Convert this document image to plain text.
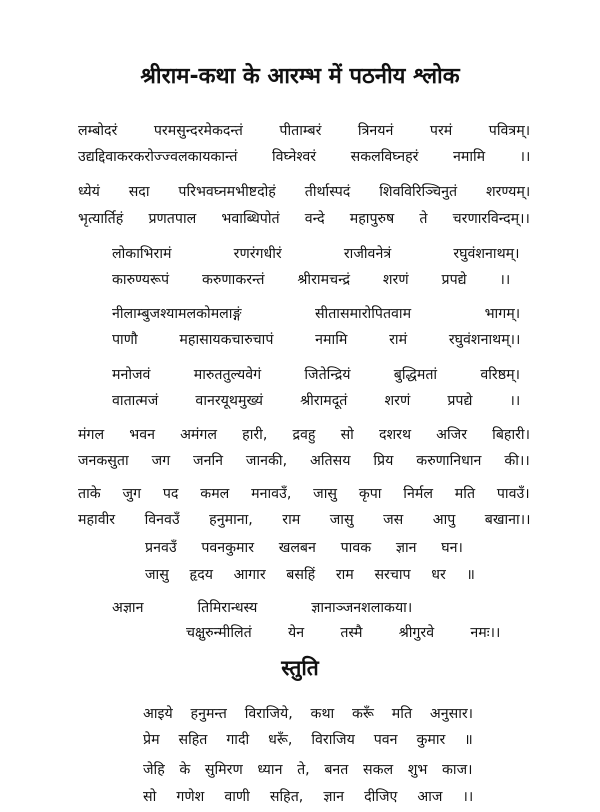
श्रीराम-कथा के आरम्भ में पठनीय श्लोक
लम्बोदरं परमसुन्दरमेकदन्तं पीताम्बरं त्रिनयनं परमं पवित्रम्।
उद्यद्दिवाकरकरोज्ज्वलकायकान्तं विघ्नेश्वरं सकलविघ्नहरं नमामि ।।
ध्येयं सदा परिभवघ्नमभीष्टदोहं तीर्थास्पदं शिवविरिञ्चिनुतं शरण्यम्।
भृत्यार्तिहं प्रणतपाल भवाब्धिपोतं वन्दे महापुरुष ते चरणारविन्दम्।।
लोकाभिरामं रणरंगधीरं राजीवनेत्रं रघुवंशनाथम्।
कारुण्यरूपं करुणाकरन्तं श्रीरामचन्द्रं शरणं प्रपद्ये ।।
नीलाम्बुजश्यामलकोमलाङ्गं सीतासमारोपितवाम भागम्।
पाणौ महासायकचारुचापं नमामि रामं रघुवंशनाथम्।।
मनोजवं मारुततुल्यवेगं जितेन्द्रियं बुद्धिमतां वरिष्ठम्।
वातात्मजं वानरयूथमुख्यं श्रीरामदूतं शरणं प्रपद्ये ।।
मंगल भवन अमंगल हारी, द्रवहु सो दशरथ अजिर बिहारी।
जनकसुता जग जननि जानकी, अतिसय प्रिय करुणानिधान की।।
ताके जुग पद कमल मनावउँ, जासु कृपा निर्मल मति पावउँ।
महावीर विनवउँ हनुमाना, राम जासु जस आपु बखाना।।
प्रनवउँ पवनकुमार खलबन पावक ज्ञान घन।
जासु हृदय आगार बसहिं राम सरचाप धर ॥
अज्ञान तिमिरान्धस्य ज्ञानाञ्जनशलाकया।
चक्षुरुन्मीलितं येन तस्मै श्रीगुरवे नमः।।
स्तुति
आइये हनुमन्त विराजिये, कथा करूँ मति अनुसार।
प्रेम सहित गादी धरूँ, विराजिय पवन कुमार ॥
जेहि के सुमिरण ध्यान ते, बनत सकल शुभ काज।
सो गणेश वाणी सहित, ज्ञान दीजिए आज ।।
